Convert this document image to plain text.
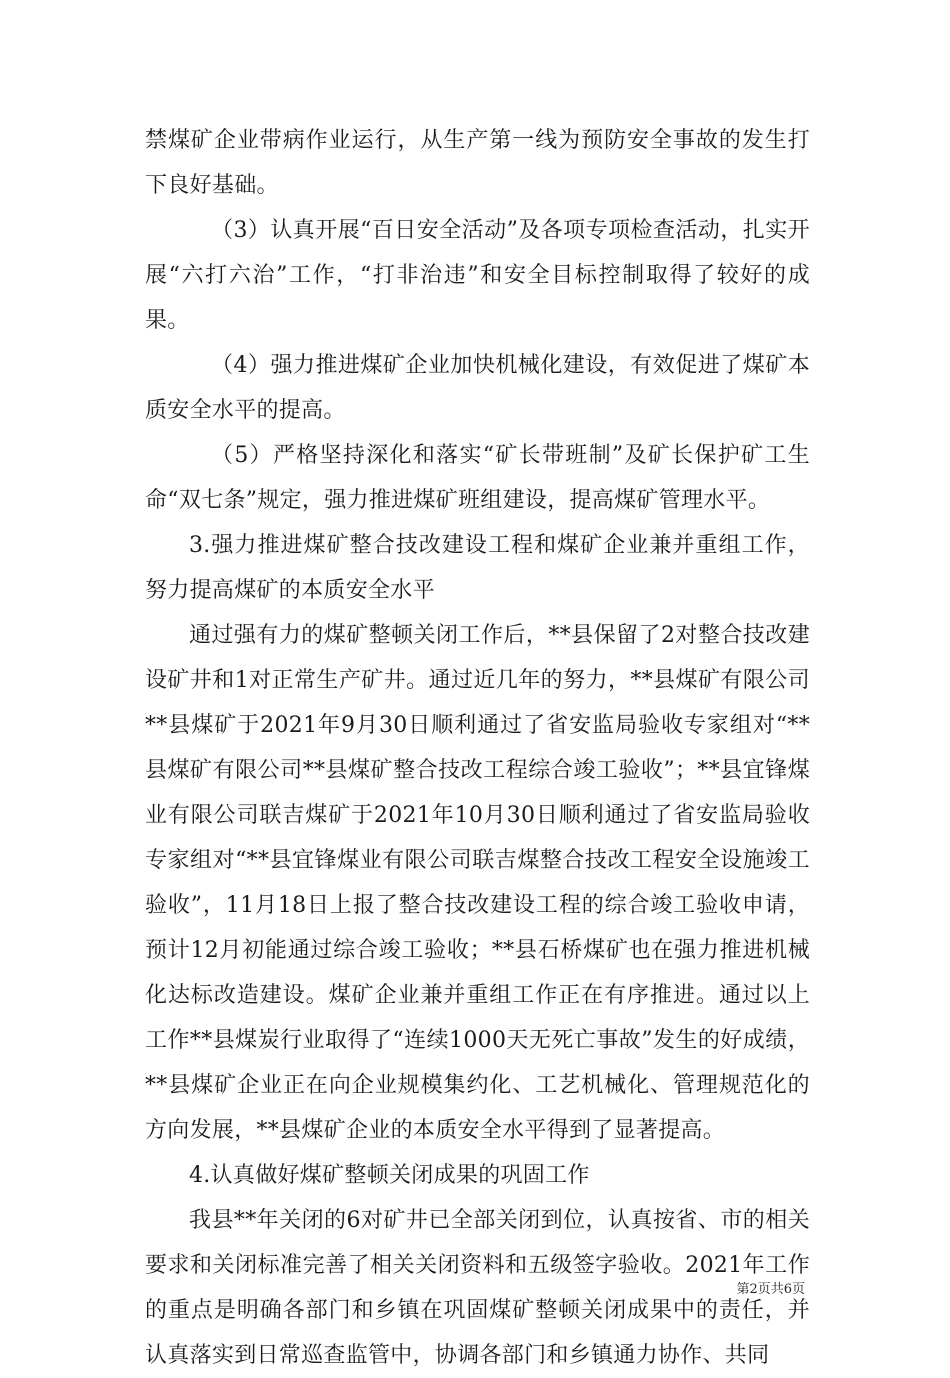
禁煤矿企业带病作业运行，从生产第一线为预防安全事故的发生打下良好基础。

（3）认真开展“百日安全活动”及各项专项检查活动，扎实开展“六打六治”工作，“打非治违”和安全目标控制取得了较好的成果。

（4）强力推进煤矿企业加快机械化建设，有效促进了煤矿本质安全水平的提高。

（5）严格坚持深化和落实“矿长带班制”及矿长保护矿工生命“双七条”规定，强力推进煤矿班组建设，提高煤矿管理水平。

3.强力推进煤矿整合技改建设工程和煤矿企业兼并重组工作，努力提高煤矿的本质安全水平

通过强有力的煤矿整顿关闭工作后，**县保留了2对整合技改建设矿井和1对正常生产矿井。通过近几年的努力，**县煤矿有限公司**县煤矿于2021年9月30日顺利通过了省安监局验收专家组对“**县煤矿有限公司**县煤矿整合技改工程综合竣工验收”；**县宜锋煤业有限公司联吉煤矿于2021年10月30日顺利通过了省安监局验收专家组对“**县宜锋煤业有限公司联吉煤整合技改工程安全设施竣工验收”，11月18日上报了整合技改建设工程的综合竣工验收申请，预计12月初能通过综合竣工验收；**县石桥煤矿也在强力推进机械化达标改造建设。煤矿企业兼并重组工作正在有序推进。通过以上工作**县煤炭行业取得了“连续1000天无死亡事故”发生的好成绩，**县煤矿企业正在向企业规模集约化、工艺机械化、管理规范化的方向发展，**县煤矿企业的本质安全水平得到了显著提高。

4.认真做好煤矿整顿关闭成果的巩固工作

我县**年关闭的6对矿井已全部关闭到位，认真按省、市的相关要求和关闭标准完善了相关关闭资料和五级签字验收。2021年工作的重点是明确各部门和乡镇在巩固煤矿整顿关闭成果中的责任，并认真落实到日常巡查监管中，协调各部门和乡镇通力协作、共同

第2页共6页
